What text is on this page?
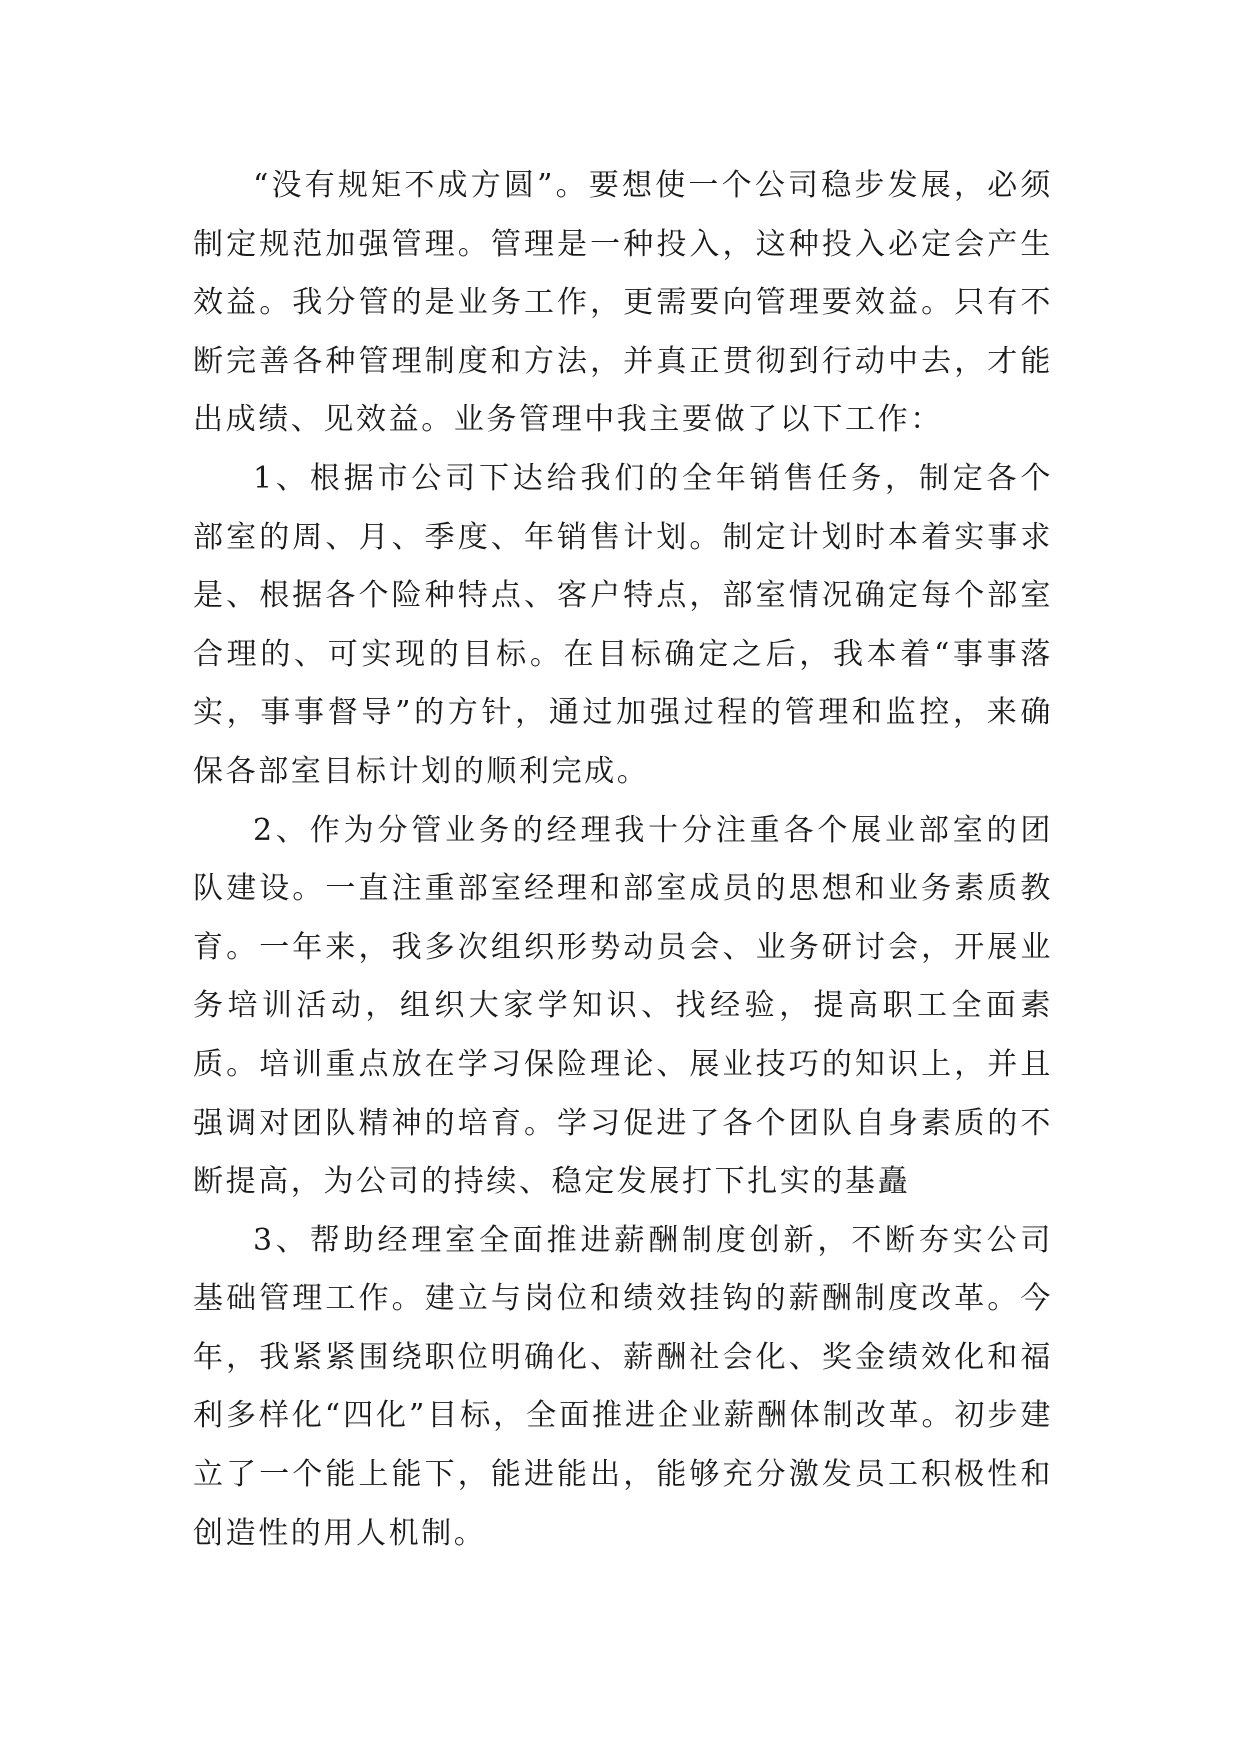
“没有规矩不成方圆”。要想使一个公司稳步发展，必须制定规范加强管理。管理是一种投入，这种投入必定会产生效益。我分管的是业务工作，更需要向管理要效益。只有不断完善各种管理制度和方法，并真正贯彻到行动中去，才能出成绩、见效益。业务管理中我主要做了以下工作：

1、根据市公司下达给我们的全年销售任务，制定各个部室的周、月、季度、年销售计划。制定计划时本着实事求是、根据各个险种特点、客户特点，部室情况确定每个部室合理的、可实现的目标。在目标确定之后，我本着“事事落实，事事督导”的方针，通过加强过程的管理和监控，来确保各部室目标计划的顺利完成。

2、作为分管业务的经理我十分注重各个展业部室的团队建设。一直注重部室经理和部室成员的思想和业务素质教育。一年来，我多次组织形势动员会、业务研讨会，开展业务培训活动，组织大家学知识、找经验，提高职工全面素质。培训重点放在学习保险理论、展业技巧的知识上，并且强调对团队精神的培育。学习促进了各个团队自身素质的不断提高，为公司的持续、稳定发展打下扎实的基矗

3、帮助经理室全面推进薪酬制度创新，不断夯实公司基础管理工作。建立与岗位和绩效挂钩的薪酬制度改革。今年，我紧紧围绕职位明确化、薪酬社会化、奖金绩效化和福利多样化“四化”目标，全面推进企业薪酬体制改革。初步建立了一个能上能下，能进能出，能够充分激发员工积极性和创造性的用人机制。
